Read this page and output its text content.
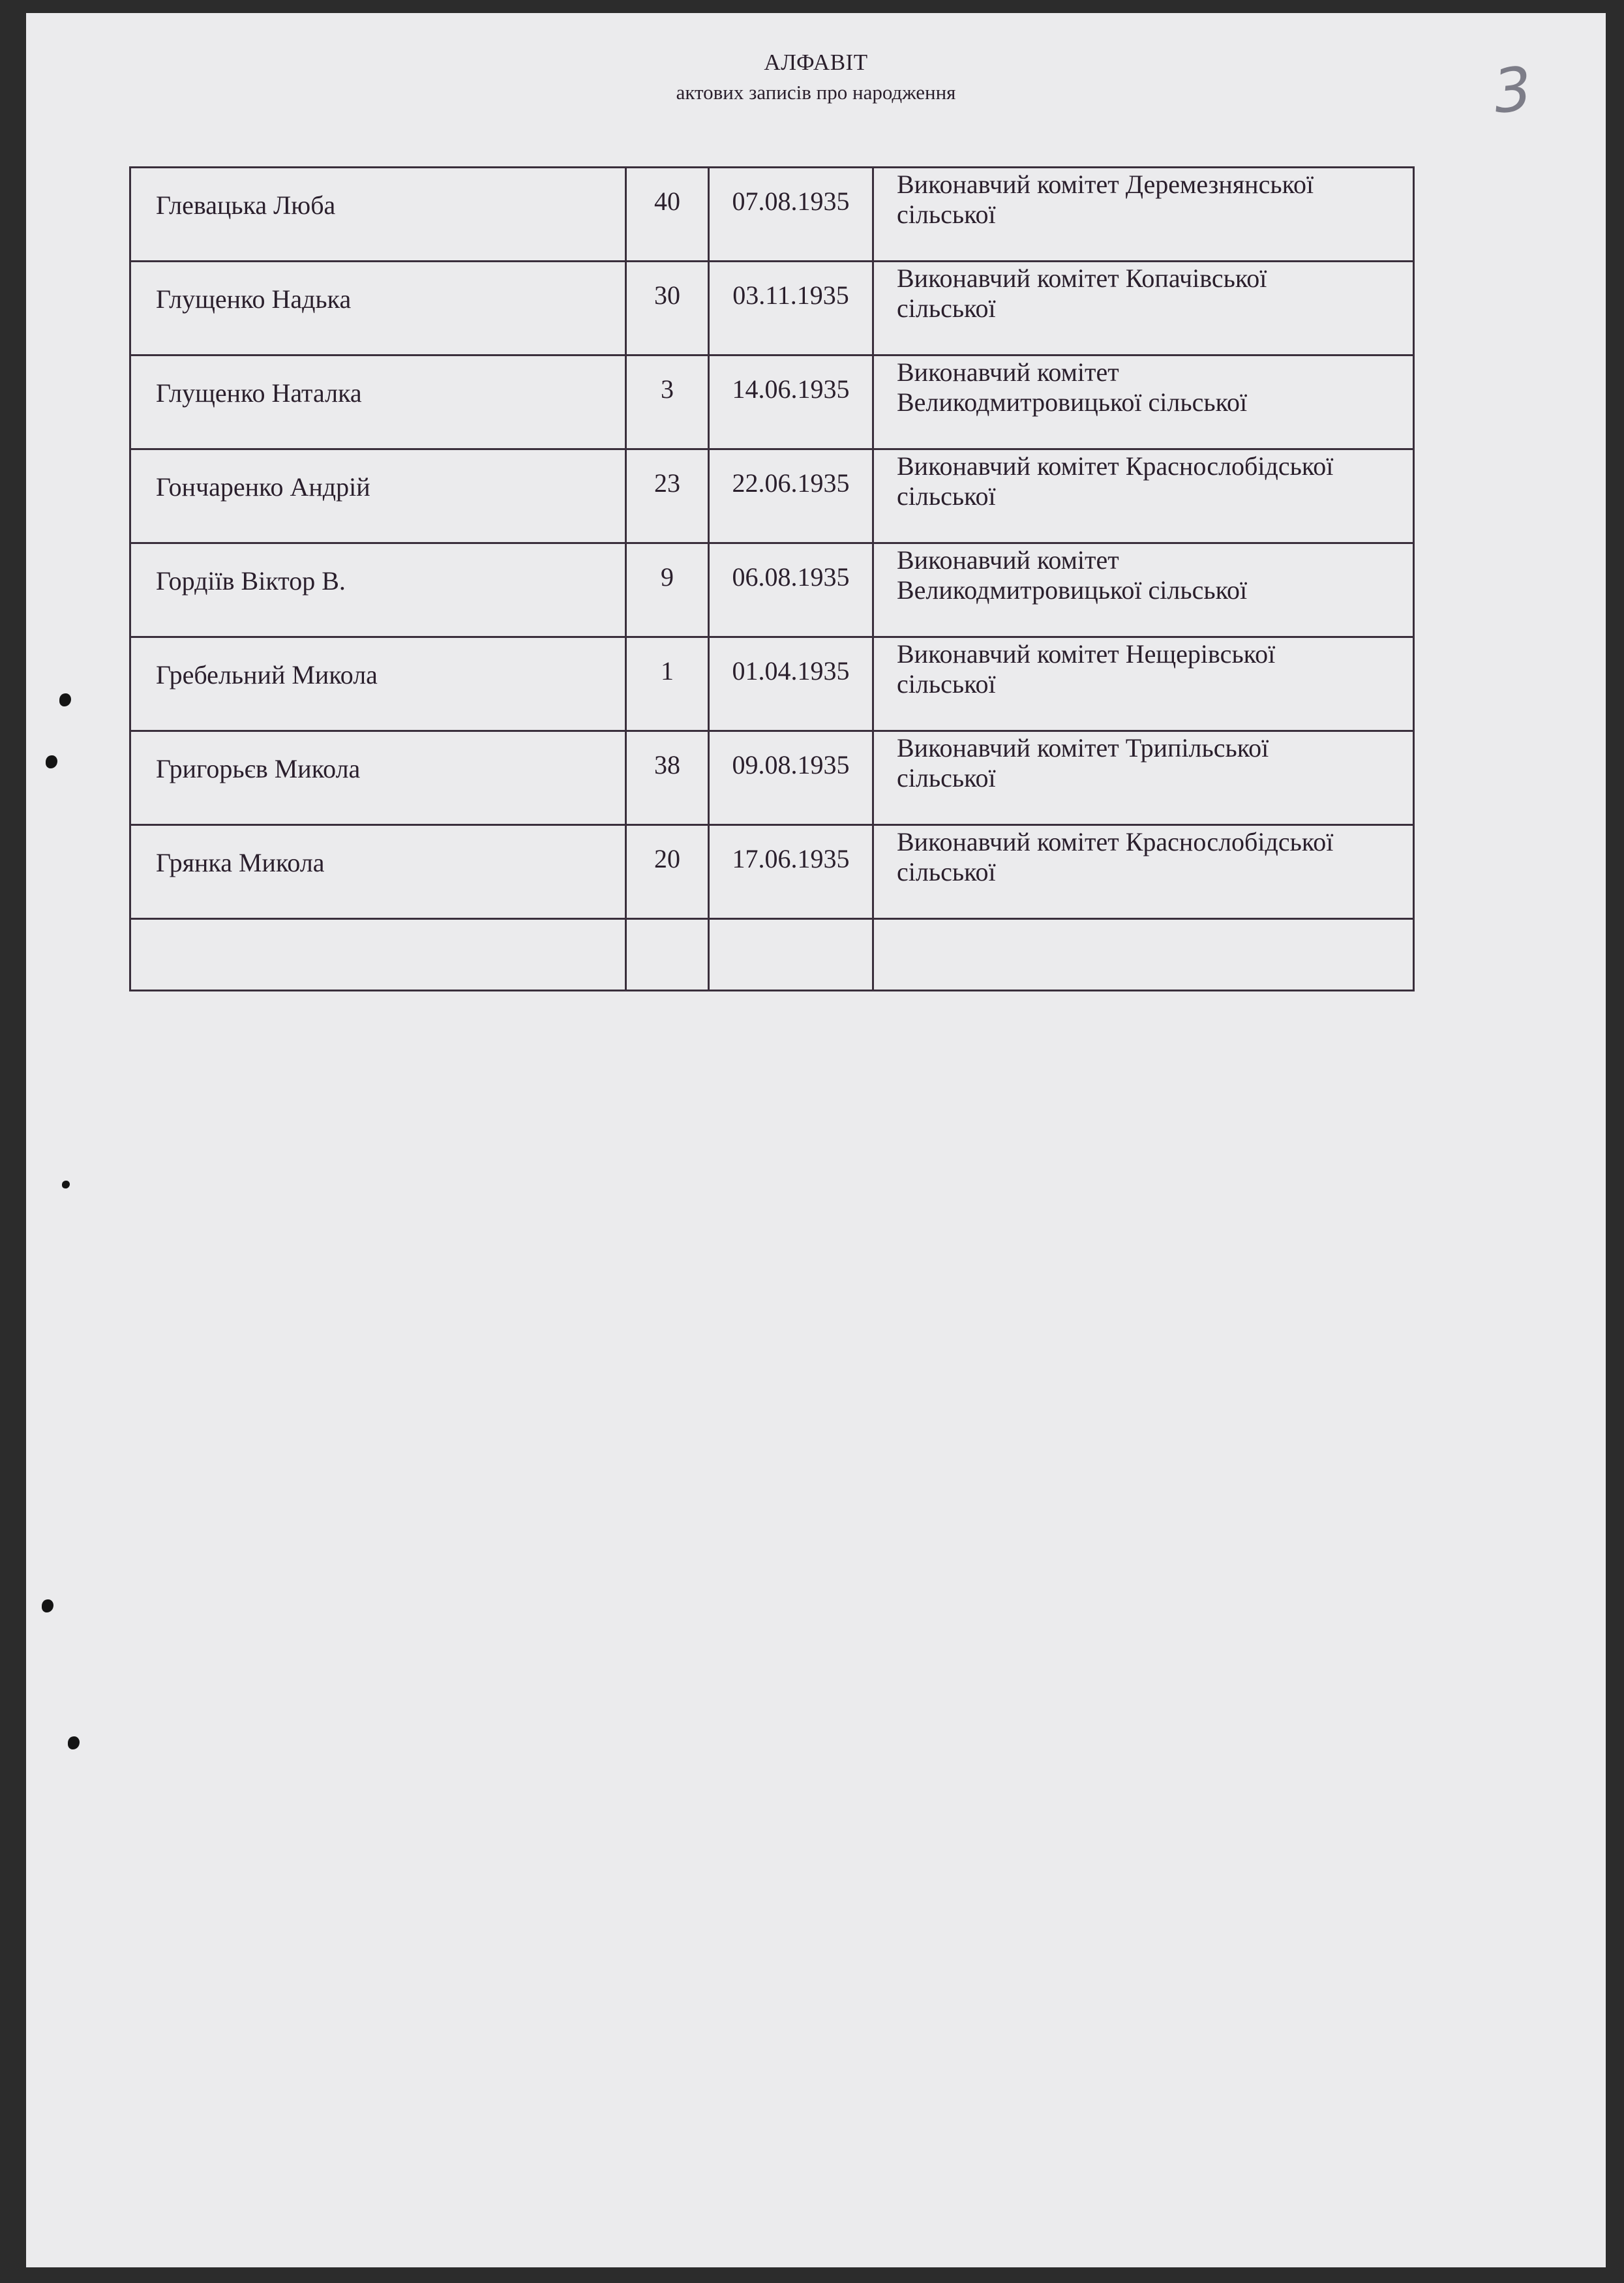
АЛФАВІТ
актових записів про народження	3
Глевацька Люба	40	07.08.1935	Виконавчий комітет Деремезнянської
сільської

Глущенко Надька	30	03.11.1935	Виконавчий комітет Копачівської
сільської

Глущенко Наталка	3	14.06.1935	Виконавчий комітет
Великодмитровицької сільської

Гончаренко Андрій	23	22.06.1935	Виконавчий комітет Краснослобідської
сільської

Гордіїв Віктор В.	9	06.08.1935	Виконавчий комітет
Великодмитровицької сільської

Гребельний Микола	1	01.04.1935	Виконавчий комітет Нещерівської
сільської

Григорьєв Микола	38	09.08.1935	Виконавчий комітет Трипільської
сільської

Грянка Микола	20	17.06.1935	Виконавчий комітет Краснослобідської
сільської
